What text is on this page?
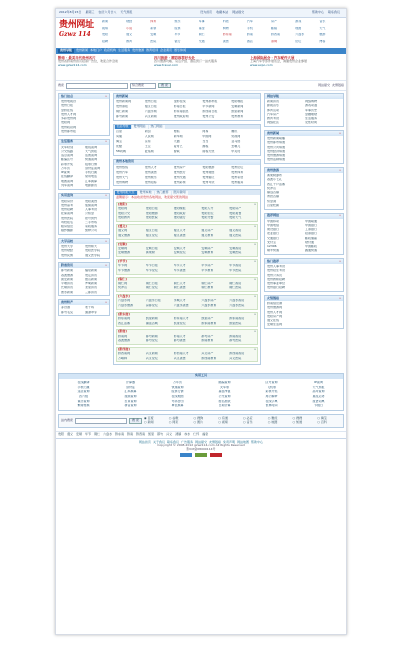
2012年8月15日 星期三 农历六月廿八 天气预报	设为首页 收藏本站 网站提交	帮助中心 联系我们
贵州网址
Gzwz 114
新闻	财经	体育	娱乐	军事	科技	汽车	房产	游戏	音乐
视频	小说	彩票	股票	基金	购物	手机	邮箱	地图	天气
贵阳	遵义	安顺	毕节	铜仁	黔东南	黔南	黔西南	六盘水	旅游
招聘	教育	医院	银行	交通	美食	酒店	商城	论坛	博客
贵州导航	贵州新闻 本地门户 政府机构 生活服务 贵州旅游 教育培训 企业黄页 娱乐休闲
黔南 · 最美当代贵州名片
贵州省黔南州首页招商广告位，欢迎合作洽谈
www.gzwz114.com
四川旅游 · 精彩推荐好去处
四川旅游攻略、景点介绍、酒店预订一站式服务
www.travel.com
上海国际展会 · 汽车配件大展
上海汽车零部件展览会，诚邀贵州企业参展
www.expo.com
搜索	综合搜索	搜 索	网站提交 友情链接
热门站点	»
贵州电视台
贵州日报
金黔在线
贵州人才网
多彩贵州网
贵阳网
贵州政府网
贵州都市报
生活服务	»
火车时刻	航班查询
公交线路	天气预报
违章查询	话费查询
邮编区号	快递查询
彩票开奖	股票行情
万年历	身份证查询
IP查询	手机归属
在线翻译	常用电话
地图查询	汇率换算
列车查询	电影影讯
实用查询	»
贵阳房价	贵阳美食
贵州高考	成绩查询
贵州招聘	人事考试
社保查询	公积金
贵州医院	挂号预约
驾校报名	二手市场
租房信息	家政服务
婚纱摄影	装修公司
大学高校	»
贵州大学	贵州师大
贵州财经	贵阳医学院
贵州民族	遵义医学院
黔南资讯	»
都匀新闻	福泉新闻
荔波旅游	贵定资讯
瓮安新闻	独山新闻
平塘资讯	罗甸新闻
长顺资讯	龙里资讯
惠水新闻	三都资讯
贵州特产	»
茅台酒	老干妈
都匀毛尖	湄潭翠芽
贵州新闻
贵州新闻网	贵州日报	金黔在线	贵州都市报	贵阳晚报
贵州商报	遵义日报	黔南日报	毕节新闻	安顺新闻
铜仁新闻	六盘水网	黔东南信息	黔西南日报	凯里新闻
都匀新闻	兴义新闻	贵州政府网	贵州公安	贵州教育
名站导航	贵州网站	热门网站
百度	新浪	搜狐	网易	腾讯
凤凰	人民网	新华网	中国网	央视网
淘宝	京东	天猫	当当	亚马逊
优酷	土豆	爱奇艺	携程	去哪儿
58同城	赶集网	智联	前程无忧	中关村
贵州本地资讯
贵州热线	贵州人才	贵州房产	贵阳旅游	贵州论坛
贵州汽车	贵州美食	贵州医疗	贵州财经	贵州体育
贵州天气	贵州娱乐	贵州交通	贵州婚庆	贵州家居
贵州购物	贵州招标	贵州彩票	贵州考试	贵州服务
贵州网址大全	贵州本地	热门推荐	图片新闻
温馨提示：本站收录贵州各地网站，欢迎提交您的网站
[贵阳]	»
贵阳网	贵阳日报	贵阳晚报	贵阳人才	贵阳房产
贵阳公交	贵阳旅游	贵阳政府	贵阳论坛	贵阳美食
贵阳教育	贵阳医院	贵阳银行	贵阳交警	贵阳天气
[遵义]	»
遵义网	遵义日报	遵义人才	遵义房产	遵义政府
遵义旅游	遵义论坛	遵义美食	遵义教育	遵义医院
[安顺]	»
安顺网	安顺日报	安顺人才	安顺房产	安顺政府
安顺旅游	黄果树	安顺论坛	安顺教育	安顺医院
[毕节]	»
毕节网	毕节日报	毕节人才	毕节房产	毕节政府
毕节旅游	毕节论坛	毕节美食	毕节教育	毕节医院
[铜仁]	»
铜仁网	铜仁日报	铜仁人才	铜仁房产	铜仁政府
梵净山	铜仁论坛	铜仁美食	铜仁教育	铜仁医院
[六盘水]	»
六盘水网	六盘水日报	水城人才	六盘水房产	六盘水政府
六盘水旅游	凉都论坛	六盘水美食	六盘水教育	六盘水医院
[黔东南]	»
黔东南网	凯里新闻	黔东南人才	凯里房产	黔东南政府
西江苗寨	镇远古城	凯里论坛	黔东南教育	凯里医院
[黔南]	»
黔南网	都匀新闻	黔南人才	都匀房产	黔南政府
荔波旅游	都匀论坛	都匀美食	黔南教育	都匀医院
[黔西南]	»
黔西南网	兴义新闻	黔西南人才	兴义房产	黔西南政府
万峰林	兴义论坛	兴义美食	黔西南教育	兴义医院
网站导航
新闻资讯	网络购物
影视音乐	游戏动漫
体育运动	军事历史
汽车房产	金融理财
教育考试	生活服务
网络社区	女性时尚
贵州新闻	»
贵州新闻联播
贵州都市频道
贵州公共频道
贵州经济频道
贵州旅游频道
贵州法制频道
贵州旅游	»
黄果树瀑布
荔波小七孔
西江千户苗寨
梵净山
镇远古镇
青岩古镇
织金洞
百里杜鹃
推荐网站	»
中国移动	中国联通
中国电信	中国银行
建设银行	工商银行
农业银行	招商银行
交通银行	邮政储蓄
支付宝	财付通
12306	中国邮政
顺丰快递	圆通快递
热门推荐	»
贵州人事考试
贵州招生考试
贵州公务员
贵州教师招聘
贵州事业单位
贵州银行招聘
友情链接	»
黔南信息港
贵州旅游网
贵州人才网
贵阳房产网
遵义在线
安顺生活网
实用工具
在线翻译	计算器	万年历	邮编查询	区号查询	IP查询
手机归属	身份证	快递查询	火车票	飞机票	天气预报
违章查询	汇率换算	股票行情	基金净值	彩票开奖	高考查询
四六级	成绩查询	在线地图	公交查询	周公解梦	星座运势
黄历查询	生肖查询	号码吉凶	姓名测试	在线字典	成语词典
繁简转换	拼音查询	单位换算	日期计算	世界时间	节假日
站内搜索	搜 索
◉ 百度	○ 谷歌	○ 搜狗	○ 有道	○ 必应	○ 雅虎	○ 搜搜	○ 淘宝
○ 新闻	○ 网页	○ 图片	○ 视频	○ 音乐	○ 地图	○ 知道	○ 百科
贵阳 遵义 安顺 毕节 铜仁 六盘水 黔东南 黔南 黔西南 凯里 都匀 兴义 清镇 赤水 仁怀 福泉
网站首页 关于我们 联系我们 广告服务 网站提交 友情链接 免责声明 网站地图 帮助中心
Copyright © 2008-2012 gzwz114.com All Rights Reserved
黔ICP备08000114号
